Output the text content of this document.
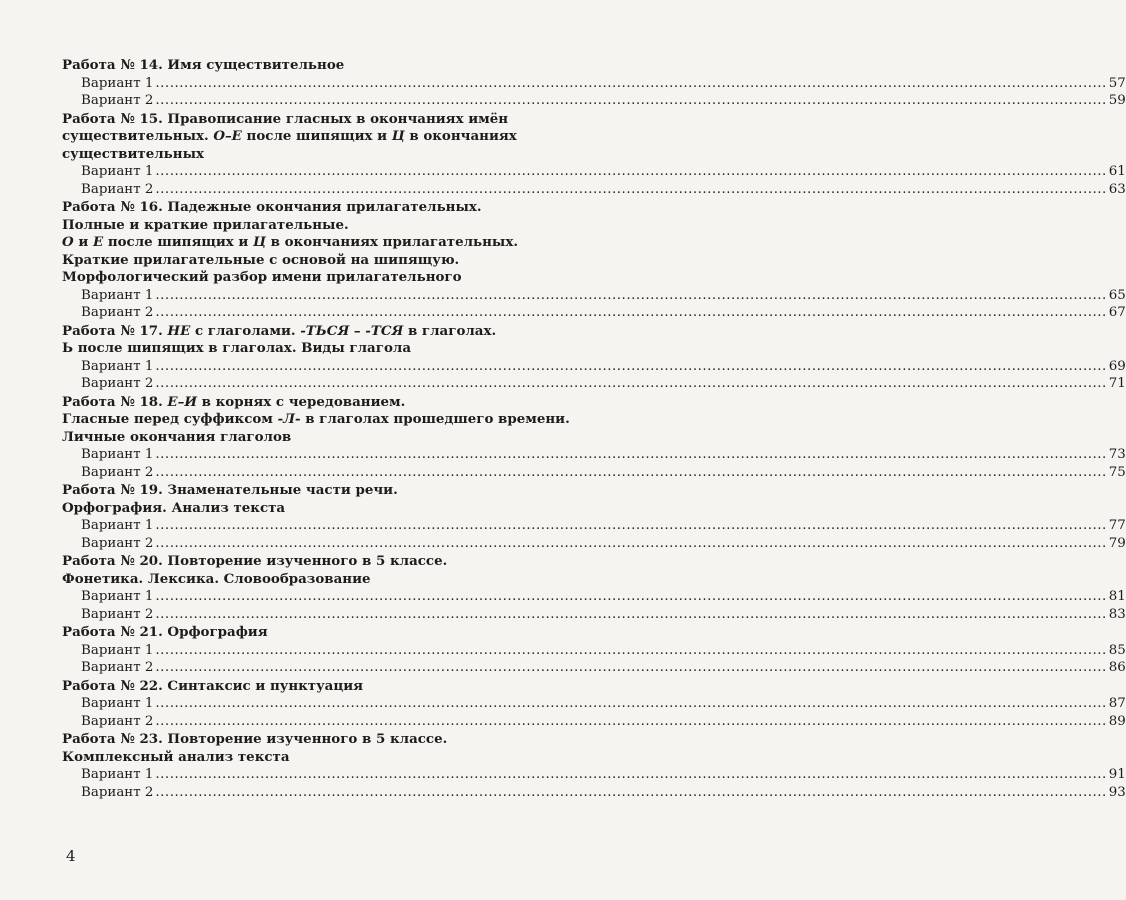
Работа № 14. Имя существительное
Вариант 1 ........................................................................................................................................................................................................ 57
Вариант 2 ........................................................................................................................................................................................................ 59
Работа № 15. Правописание гласных в окончаниях имён
существительных. О–Е после шипящих и Ц в окончаниях
существительных
Вариант 1 ........................................................................................................................................................................................................ 61
Вариант 2 ........................................................................................................................................................................................................ 63
Работа № 16. Падежные окончания прилагательных.
Полные и краткие прилагательные.
О и Е после шипящих и Ц в окончаниях прилагательных.
Краткие прилагательные с основой на шипящую.
Морфологический разбор имени прилагательного
Вариант 1 ........................................................................................................................................................................................................ 65
Вариант 2 ........................................................................................................................................................................................................ 67
Работа № 17. НЕ с глаголами. -ТЬСЯ – -ТСЯ в глаголах.
Ь после шипящих в глаголах. Виды глагола
Вариант 1 ........................................................................................................................................................................................................ 69
Вариант 2 ........................................................................................................................................................................................................ 71
Работа № 18. Е–И в корнях с чередованием.
Гласные перед суффиксом -Л- в глаголах прошедшего времени.
Личные окончания глаголов
Вариант 1 ........................................................................................................................................................................................................ 73
Вариант 2 ........................................................................................................................................................................................................ 75
Работа № 19. Знаменательные части речи.
Орфография. Анализ текста
Вариант 1 ........................................................................................................................................................................................................ 77
Вариант 2 ........................................................................................................................................................................................................ 79
Работа № 20. Повторение изученного в 5 классе.
Фонетика. Лексика. Словообразование
Вариант 1 ........................................................................................................................................................................................................ 81
Вариант 2 ........................................................................................................................................................................................................ 83
Работа № 21. Орфография
Вариант 1 ........................................................................................................................................................................................................ 85
Вариант 2 ........................................................................................................................................................................................................ 86
Работа № 22. Синтаксис и пунктуация
Вариант 1 ........................................................................................................................................................................................................ 87
Вариант 2 ........................................................................................................................................................................................................ 89
Работа № 23. Повторение изученного в 5 классе.
Комплексный анализ текста
Вариант 1 ........................................................................................................................................................................................................ 91
Вариант 2 ........................................................................................................................................................................................................ 93
4
